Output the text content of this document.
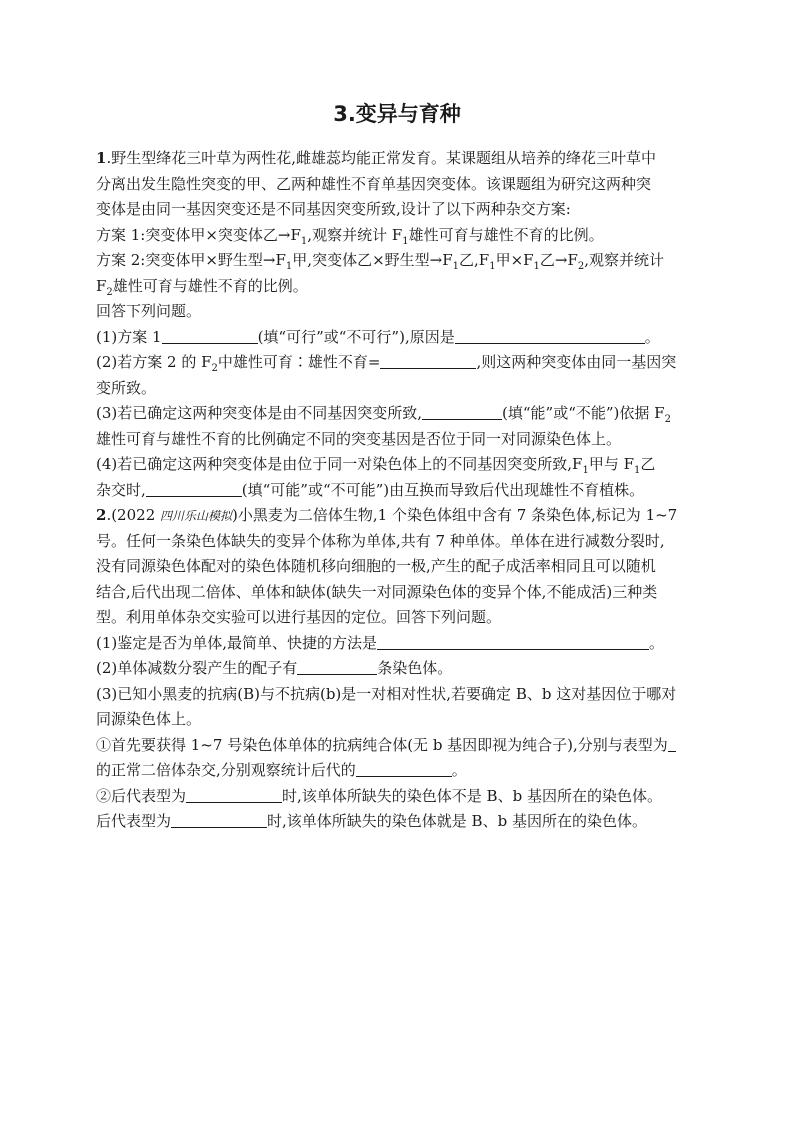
3.变异与育种
1.野生型绛花三叶草为两性花,雌雄蕊均能正常发育。某课题组从培养的绛花三叶草中
分离出发生隐性突变的甲、乙两种雄性不育单基因突变体。该课题组为研究这两种突
变体是由同一基因突变还是不同基因突变所致,设计了以下两种杂交方案:
方案 1:突变体甲×突变体乙$\to F_1$,观察并统计 $F_1$雄性可育与雄性不育的比例。
方案 2:突变体甲×野生型$\to F_1$甲,突变体乙×野生型$\to F_1$乙$,F_1$甲$\times F_1$乙$\to F_2$,观察并统计
$F_2$雄性可育与雄性不育的比例。
回答下列问题。
(1)方案 1	(填“可行”或“不可行”),原因是	。
(2)若方案 2 的 $F_2$中雄性可育∶雄性不育=	,则这两种突变体由同一基因突
变所致。
(3)若已确定这两种突变体是由不同基因突变所致,	(填“能”或“不能”)依据 $F_2$
雄性可育与雄性不育的比例确定不同的突变基因是否位于同一对同源染色体上。
(4)若已确定这两种突变体是由位于同一对染色体上的不同基因突变所致$,F_1$甲与 $F_1$乙
杂交时,	(填“可能”或“不可能”)由互换而导致后代出现雄性不育植株。
2.(2022 四川乐山模拟)小黑麦为二倍体生物,1 个染色体组中含有 7 条染色体,标记为 1~7
号。任何一条染色体缺失的变异个体称为单体,共有 7 种单体。单体在进行减数分裂时,
没有同源染色体配对的染色体随机移向细胞的一极,产生的配子成活率相同且可以随机
结合,后代出现二倍体、单体和缺体(缺失一对同源染色体的变异个体,不能成活)三种类
型。利用单体杂交实验可以进行基因的定位。回答下列问题。
(1)鉴定是否为单体,最简单、快捷的方法是	。
(2)单体减数分裂产生的配子有	条染色体。
(3)已知小黑麦的抗病(B)与不抗病(b)是一对相对性状,若要确定 B、b 这对基因位于哪对
同源染色体上。
①首先要获得 1~7 号染色体单体的抗病纯合体(无 b 基因即视为纯合子),分别与表型为
的正常二倍体杂交,分别观察统计后代的	。
②后代表型为	时,该单体所缺失的染色体不是 B、b 基因所在的染色体。
后代表型为	时,该单体所缺失的染色体就是 B、b 基因所在的染色体。
